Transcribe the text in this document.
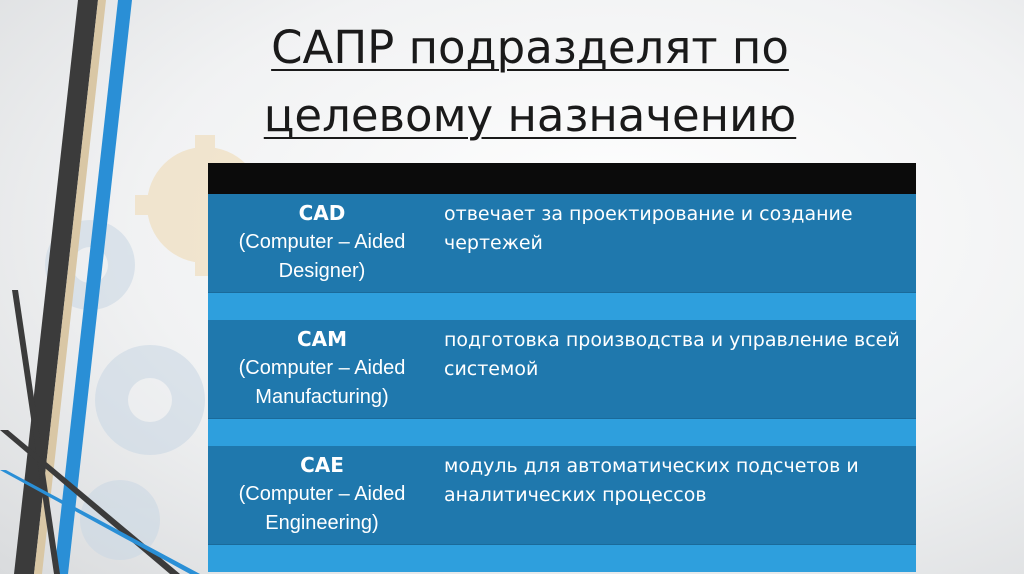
САПР подразделят по целевому назначению
CAD
(Computer – Aided
Designer)
отвечает за проектирование и создание чертежей
CAM
(Computer – Aided
Manufacturing)
подготовка производства и управление всей системой
CAE
(Computer – Aided
Engineering)
модуль для автоматических подсчетов и аналитических процессов
